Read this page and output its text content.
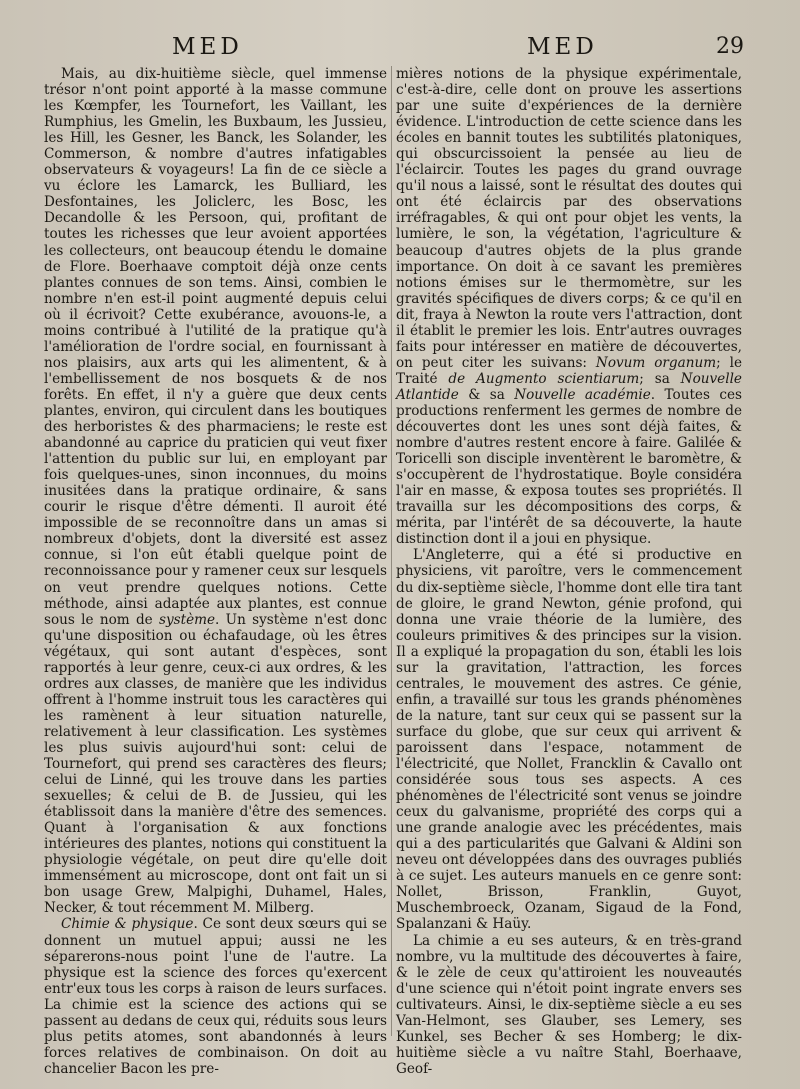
MED	MED	29

Mais, au dix-huitième siècle, quel immense trésor n'ont point apporté à la masse commune les Kœmpfer, les Tournefort, les Vaillant, les Rumphius, les Gmelin, les Buxbaum, les Jussieu, les Hill, les Gesner, les Banck, les Solander, les Commerson, & nombre d'autres infatigables observateurs & voyageurs! La fin de ce siècle a vu éclore les Lamarck, les Bulliard, les Desfontaines, les Joliclerc, les Bosc, les Decandolle & les Persoon, qui, profitant de toutes les richesses que leur avoient apportées les collecteurs, ont beaucoup étendu le domaine de Flore. Boerhaave comptoit déjà onze cents plantes connues de son tems. Ainsi, combien le nombre n'en est-il point augmenté depuis celui où il écrivoit? Cette exubérance, avouons-le, a moins contribué à l'utilité de la pratique qu'à l'amélioration de l'ordre social, en fournissant à nos plaisirs, aux arts qui les alimentent, & à l'embellissement de nos bosquets & de nos forêts. En effet, il n'y a guère que deux cents plantes, environ, qui circulent dans les boutiques des herboristes & des pharmaciens; le reste est abandonné au caprice du praticien qui veut fixer l'attention du public sur lui, en employant par fois quelques-unes, sinon inconnues, du moins inusitées dans la pratique ordinaire, & sans courir le risque d'être démenti. Il auroit été impossible de se reconnoître dans un amas si nombreux d'objets, dont la diversité est assez connue, si l'on eût établi quelque point de reconnoissance pour y ramener ceux sur lesquels on veut prendre quelques notions. Cette méthode, ainsi adaptée aux plantes, est connue sous le nom de système. Un système n'est donc qu'une disposition ou échafaudage, où les êtres végétaux, qui sont autant d'espèces, sont rapportés à leur genre, ceux-ci aux ordres, & les ordres aux classes, de manière que les individus offrent à l'homme instruit tous les caractères qui les ramènent à leur situation naturelle, relativement à leur classification. Les systèmes les plus suivis aujourd'hui sont: celui de Tournefort, qui prend ses caractères des fleurs; celui de Linné, qui les trouve dans les parties sexuelles; & celui de B. de Jussieu, qui les établissoit dans la manière d'être des semences. Quant à l'organisation & aux fonctions intérieures des plantes, notions qui constituent la physiologie végétale, on peut dire qu'elle doit immensément au microscope, dont ont fait un si bon usage Grew, Malpighi, Duhamel, Hales, Necker, & tout récemment M. Milberg.

Chimie & physique. Ce sont deux sœurs qui se donnent un mutuel appui; aussi ne les séparerons-nous point l'une de l'autre. La physique est la science des forces qu'exercent entr'eux tous les corps à raison de leurs surfaces. La chimie est la science des actions qui se passent au dedans de ceux qui, réduits sous leurs plus petits atomes, sont abandonnés à leurs forces relatives de combinaison. On doit au chancelier Bacon les pre-

mières notions de la physique expérimentale, c'est-à-dire, celle dont on prouve les assertions par une suite d'expériences de la dernière évidence. L'introduction de cette science dans les écoles en bannit toutes les subtilités platoniques, qui obscurcissoient la pensée au lieu de l'éclaircir. Toutes les pages du grand ouvrage qu'il nous a laissé, sont le résultat des doutes qui ont été éclaircis par des observations irréfragables, & qui ont pour objet les vents, la lumière, le son, la végétation, l'agriculture & beaucoup d'autres objets de la plus grande importance. On doit à ce savant les premières notions émises sur le thermomètre, sur les gravités spécifiques de divers corps; & ce qu'il en dit, fraya à Newton la route vers l'attraction, dont il établit le premier les lois. Entr'autres ouvrages faits pour intéresser en matière de découvertes, on peut citer les suivans: Novum organum; le Traité de Augmento scientiarum; sa Nouvelle Atlantide & sa Nouvelle académie. Toutes ces productions renferment les germes de nombre de découvertes dont les unes sont déjà faites, & nombre d'autres restent encore à faire. Galilée & Toricelli son disciple inventèrent le baromètre, & s'occupèrent de l'hydrostatique. Boyle considéra l'air en masse, & exposa toutes ses propriétés. Il travailla sur les décompositions des corps, & mérita, par l'intérêt de sa découverte, la haute distinction dont il a joui en physique.

L'Angleterre, qui a été si productive en physiciens, vit paroître, vers le commencement du dix-septième siècle, l'homme dont elle tira tant de gloire, le grand Newton, génie profond, qui donna une vraie théorie de la lumière, des couleurs primitives & des principes sur la vision. Il a expliqué la propagation du son, établi les lois sur la gravitation, l'attraction, les forces centrales, le mouvement des astres. Ce génie, enfin, a travaillé sur tous les grands phénomènes de la nature, tant sur ceux qui se passent sur la surface du globe, que sur ceux qui arrivent & paroissent dans l'espace, notamment de l'électricité, que Nollet, Francklin & Cavallo ont considérée sous tous ses aspects. A ces phénomènes de l'électricité sont venus se joindre ceux du galvanisme, propriété des corps qui a une grande analogie avec les précédentes, mais qui a des particularités que Galvani & Aldini son neveu ont développées dans des ouvrages publiés à ce sujet. Les auteurs manuels en ce genre sont: Nollet, Brisson, Franklin, Guyot, Muschembroeck, Ozanam, Sigaud de la Fond, Spalanzani & Haüy.

La chimie a eu ses auteurs, & en très-grand nombre, vu la multitude des découvertes à faire, & le zèle de ceux qu'attiroient les nouveautés d'une science qui n'étoit point ingrate envers ses cultivateurs. Ainsi, le dix-septième siècle a eu ses Van-Helmont, ses Glauber, ses Lemery, ses Kunkel, ses Becher & ses Homberg; le dix-huitième siècle a vu naître Stahl, Boerhaave, Geof-
